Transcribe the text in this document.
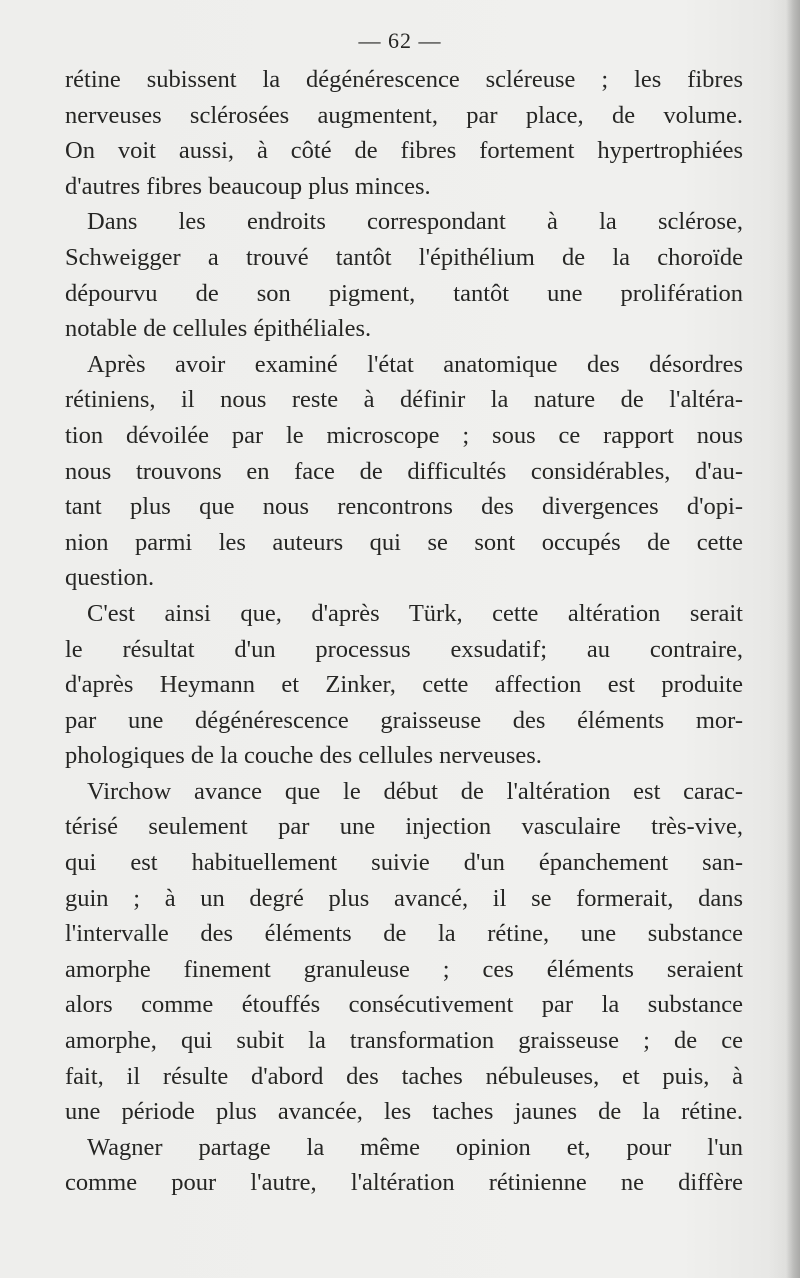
— 62 —
rétine subissent la dégénérescence scléreuse ; les fibres
nerveuses sclérosées augmentent, par place, de volume.
On voit aussi, à côté de fibres fortement hypertrophiées
d'autres fibres beaucoup plus minces.
Dans les endroits correspondant à la sclérose,
Schweigger a trouvé tantôt l'épithélium de la choroïde
dépourvu de son pigment, tantôt une prolifération
notable de cellules épithéliales.
Après avoir examiné l'état anatomique des désordres
rétiniens, il nous reste à définir la nature de l'altéra-
tion dévoilée par le microscope ; sous ce rapport nous
nous trouvons en face de difficultés considérables, d'au-
tant plus que nous rencontrons des divergences d'opi-
nion parmi les auteurs qui se sont occupés de cette
question.
C'est ainsi que, d'après Türk, cette altération serait
le résultat d'un processus exsudatif; au contraire,
d'après Heymann et Zinker, cette affection est produite
par une dégénérescence graisseuse des éléments mor-
phologiques de la couche des cellules nerveuses.
Virchow avance que le début de l'altération est carac-
térisé seulement par une injection vasculaire très-vive,
qui est habituellement suivie d'un épanchement san-
guin ; à un degré plus avancé, il se formerait, dans
l'intervalle des éléments de la rétine, une substance
amorphe finement granuleuse ; ces éléments seraient
alors comme étouffés consécutivement par la substance
amorphe, qui subit la transformation graisseuse ; de ce
fait, il résulte d'abord des taches nébuleuses, et puis, à
une période plus avancée, les taches jaunes de la rétine.
Wagner partage la même opinion et, pour l'un
comme pour l'autre, l'altération rétinienne ne diffère
